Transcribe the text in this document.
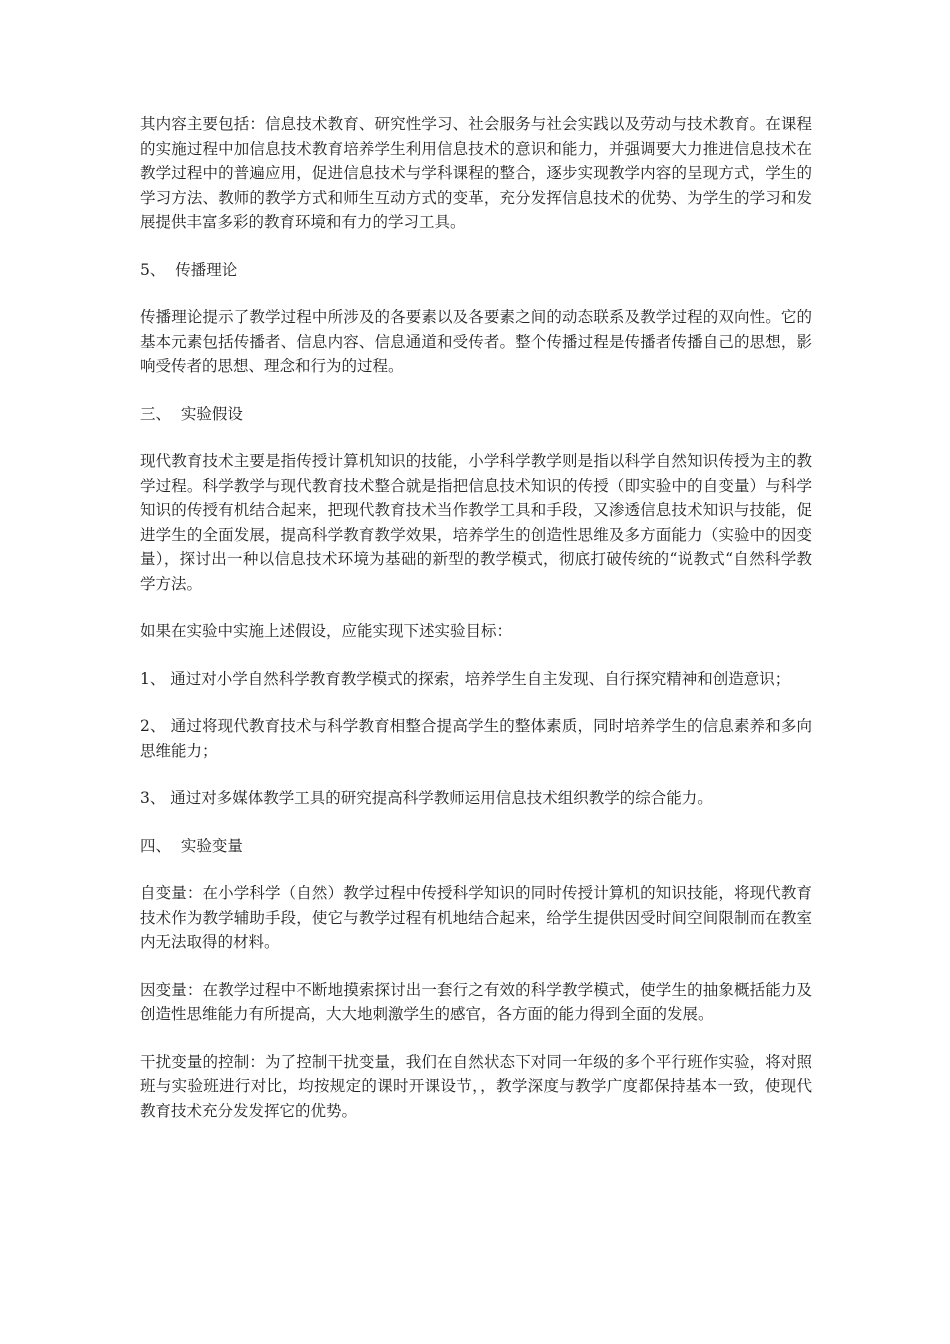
其内容主要包括：信息技术教育、研究性学习、社会服务与社会实践以及劳动与技术教育。在课程的实施过程中加信息技术教育培养学生利用信息技术的意识和能力，并强调要大力推进信息技术在教学过程中的普遍应用，促进信息技术与学科课程的整合，逐步实现教学内容的呈现方式，学生的学习方法、教师的教学方式和师生互动方式的变革，充分发挥信息技术的优势、为学生的学习和发展提供丰富多彩的教育环境和有力的学习工具。

5、  传播理论

传播理论提示了教学过程中所涉及的各要素以及各要素之间的动态联系及教学过程的双向性。它的基本元素包括传播者、信息内容、信息通道和受传者。整个传播过程是传播者传播自己的思想，影响受传者的思想、理念和行为的过程。

三、  实验假设

现代教育技术主要是指传授计算机知识的技能，小学科学教学则是指以科学自然知识传授为主的教学过程。科学教学与现代教育技术整合就是指把信息技术知识的传授（即实验中的自变量）与科学知识的传授有机结合起来，把现代教育技术当作教学工具和手段，又渗透信息技术知识与技能，促进学生的全面发展，提高科学教育教学效果，培养学生的创造性思维及多方面能力（实验中的因变量），探讨出一种以信息技术环境为基础的新型的教学模式，彻底打破传统的“说教式“自然科学教学方法。

如果在实验中实施上述假设，应能实现下述实验目标：

1、 通过对小学自然科学教育教学模式的探索，培养学生自主发现、自行探究精神和创造意识；

2、 通过将现代教育技术与科学教育相整合提高学生的整体素质，同时培养学生的信息素养和多向思维能力；

3、 通过对多媒体教学工具的研究提高科学教师运用信息技术组织教学的综合能力。

四、  实验变量

自变量：在小学科学（自然）教学过程中传授科学知识的同时传授计算机的知识技能，将现代教育技术作为教学辅助手段，使它与教学过程有机地结合起来，给学生提供因受时间空间限制而在教室内无法取得的材料。

因变量：在教学过程中不断地摸索探讨出一套行之有效的科学教学模式，使学生的抽象概括能力及创造性思维能力有所提高，大大地刺激学生的感官，各方面的能力得到全面的发展。

干扰变量的控制：为了控制干扰变量，我们在自然状态下对同一年级的多个平行班作实验，将对照班与实验班进行对比，均按规定的课时开课设节，，教学深度与教学广度都保持基本一致，使现代教育技术充分发发挥它的优势。
